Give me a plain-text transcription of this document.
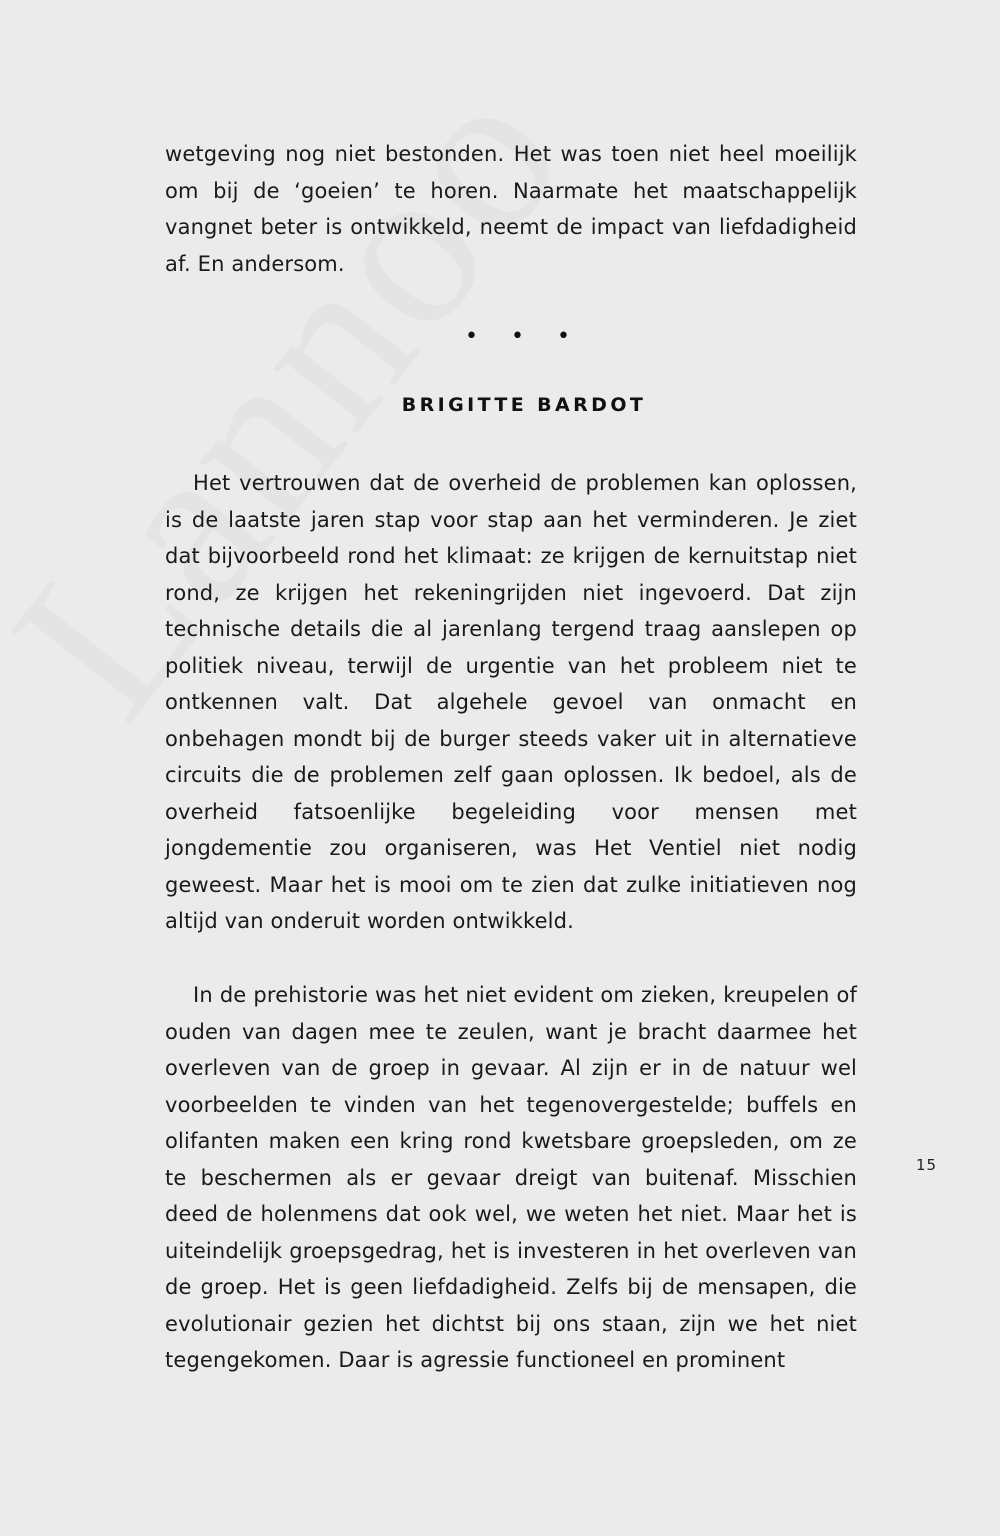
wetgeving nog niet bestonden. Het was toen niet heel moeilijk om bij de ‘goeien’ te horen. Naarmate het maatschappelijk vangnet beter is ontwikkeld, neemt de impact van liefdadigheid af. En andersom.

• • •
BRIGITTE BARDOT

Het vertrouwen dat de overheid de problemen kan oplossen, is de laatste jaren stap voor stap aan het verminderen. Je ziet dat bijvoorbeeld rond het klimaat: ze krijgen de kernuitstap niet rond, ze krijgen het rekeningrijden niet ingevoerd. Dat zijn technische details die al jarenlang tergend traag aanslepen op politiek niveau, terwijl de urgentie van het probleem niet te ontkennen valt. Dat algehele gevoel van onmacht en onbehagen mondt bij de burger steeds vaker uit in alternatieve circuits die de problemen zelf gaan oplossen. Ik bedoel, als de overheid fatsoenlijke begeleiding voor mensen met jongdementie zou organiseren, was Het Ventiel niet nodig geweest. Maar het is mooi om te zien dat zulke initiatieven nog altijd van onderuit worden ontwikkeld.

In de prehistorie was het niet evident om zieken, kreupelen of ouden van dagen mee te zeulen, want je bracht daarmee het overleven van de groep in gevaar. Al zijn er in de natuur wel voorbeelden te vinden van het tegenovergestelde; buffels en olifanten maken een kring rond kwetsbare groepsleden, om ze te beschermen als er gevaar dreigt van buitenaf. Misschien deed de holenmens dat ook wel, we weten het niet. Maar het is uiteindelijk groepsgedrag, het is investeren in het overleven van de groep. Het is geen liefdadigheid. Zelfs bij de mensapen, die evolutionair gezien het dichtst bij ons staan, zijn we het niet tegengekomen. Daar is agressie functioneel en prominent

15
